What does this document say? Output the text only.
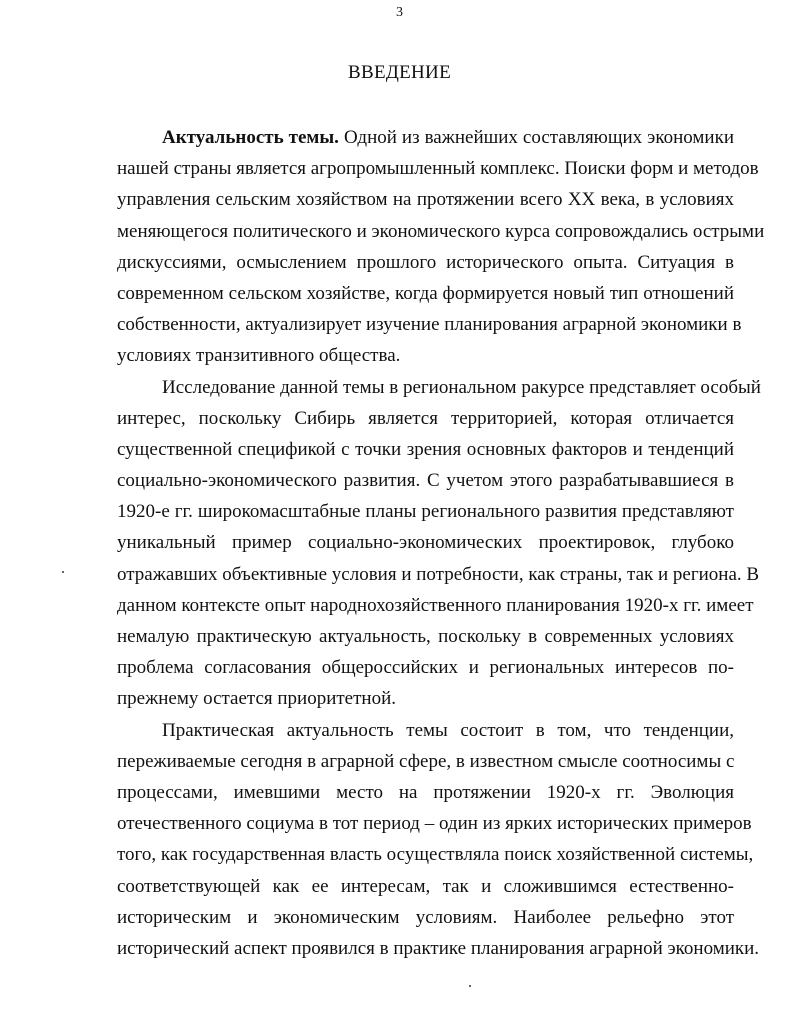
3
ВВЕДЕНИЕ
Актуальность темы. Одной из важнейших составляющих экономики
нашей страны является агропромышленный комплекс. Поиски форм и методов
управления сельским хозяйством на протяжении всего XX века, в условиях
меняющегося политического и экономического курса сопровождались острыми
дискуссиями, осмыслением прошлого исторического опыта. Ситуация в
современном сельском хозяйстве, когда формируется новый тип отношений
собственности, актуализирует изучение планирования аграрной экономики в
условиях транзитивного общества.
Исследование данной темы в региональном ракурсе представляет особый
интерес, поскольку Сибирь является территорией, которая отличается
существенной спецификой с точки зрения основных факторов и тенденций
социально-экономического развития. С учетом этого разрабатывавшиеся в
1920-е гг. широкомасштабные планы регионального развития представляют
уникальный пример социально-экономических проектировок, глубоко
отражавших объективные условия и потребности, как страны, так и региона. В
данном контексте опыт народнохозяйственного планирования 1920-х гг. имеет
немалую практическую актуальность, поскольку в современных условиях
проблема согласования общероссийских и региональных интересов по-
прежнему остается приоритетной.
Практическая актуальность темы состоит в том, что тенденции,
переживаемые сегодня в аграрной сфере, в известном смысле соотносимы с
процессами, имевшими место на протяжении 1920-х гг. Эволюция
отечественного социума в тот период – один из ярких исторических примеров
того, как государственная власть осуществляла поиск хозяйственной системы,
соответствующей как ее интересам, так и сложившимся естественно-
историческим и экономическим условиям. Наиболее рельефно этот
исторический аспект проявился в практике планирования аграрной экономики.
